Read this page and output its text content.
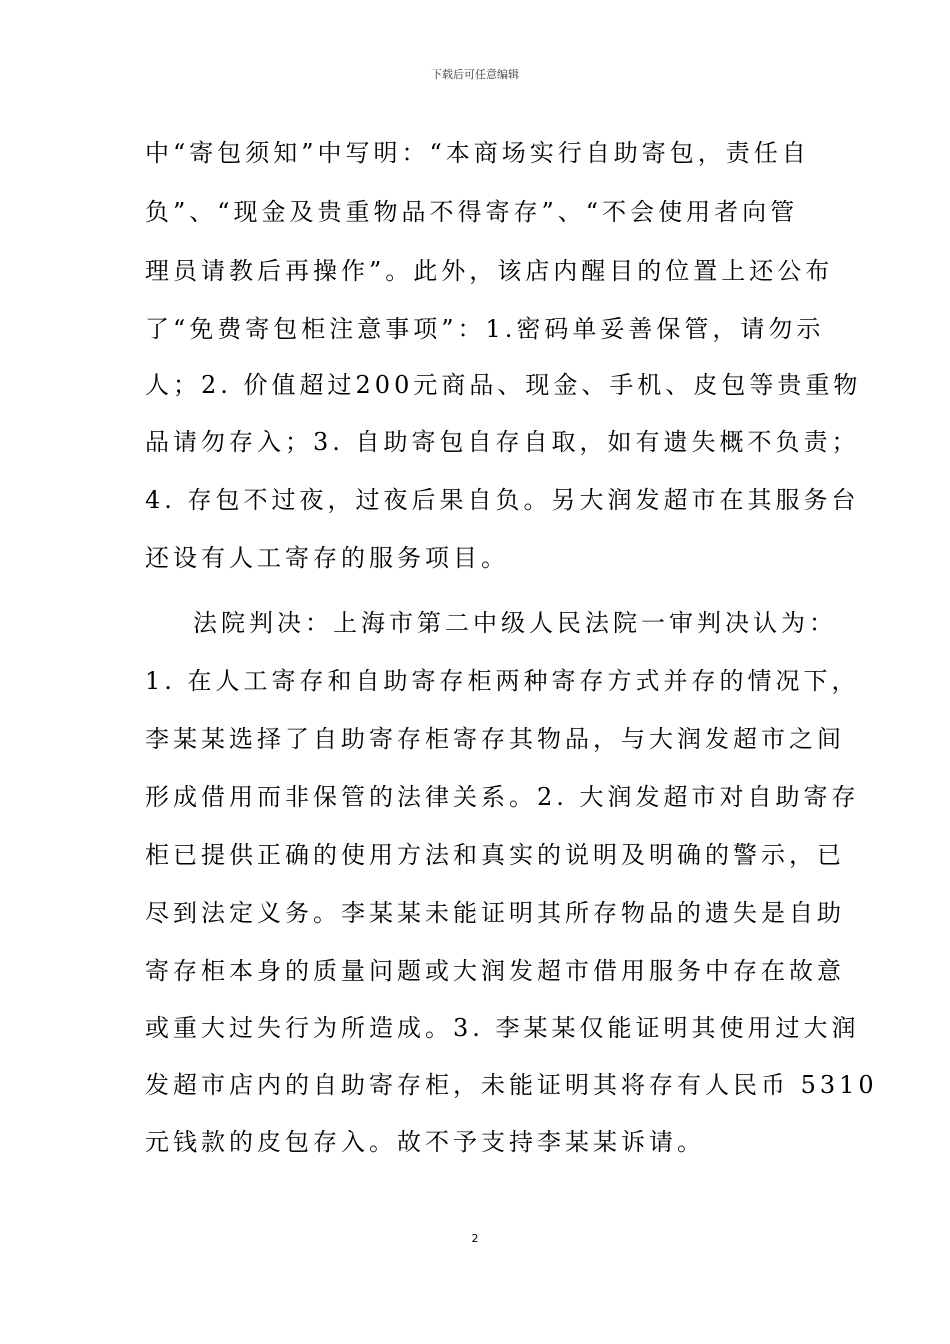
下载后可任意编辑
中“寄包须知”中写明：“本商场实行自助寄包，责任自
负”、“现金及贵重物品不得寄存”、“不会使用者向管
理员请教后再操作”。此外，该店内醒目的位置上还公布
了“免费寄包柜注意事项”：1.密码单妥善保管，请勿示
人；2. 价值超过200元商品、现金、手机、皮包等贵重物
品请勿存入；3. 自助寄包自存自取，如有遗失概不负责；
4. 存包不过夜，过夜后果自负。另大润发超市在其服务台
还设有人工寄存的服务项目。
法院判决：上海市第二中级人民法院一审判决认为：
1. 在人工寄存和自助寄存柜两种寄存方式并存的情况下，
李某某选择了自助寄存柜寄存其物品，与大润发超市之间
形成借用而非保管的法律关系。2. 大润发超市对自助寄存
柜已提供正确的使用方法和真实的说明及明确的警示，已
尽到法定义务。李某某未能证明其所存物品的遗失是自助
寄存柜本身的质量问题或大润发超市借用服务中存在故意
或重大过失行为所造成。3. 李某某仅能证明其使用过大润
发超市店内的自助寄存柜，未能证明其将存有人民币 5310
元钱款的皮包存入。故不予支持李某某诉请。
2
